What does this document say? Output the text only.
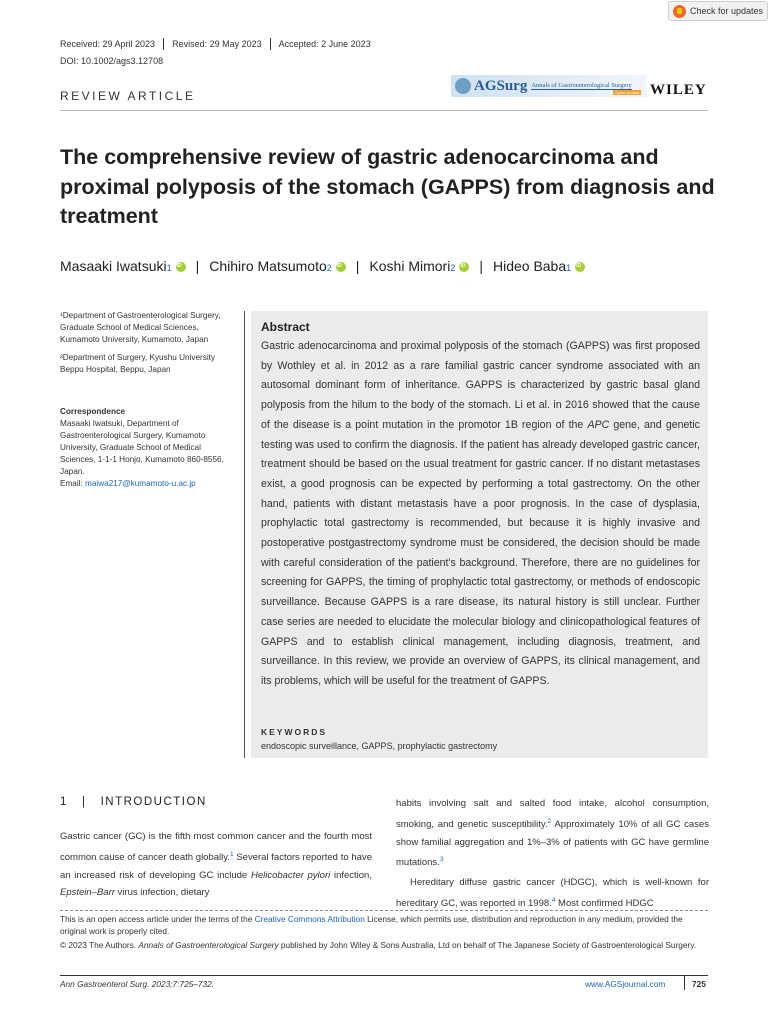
Check for updates
Received: 29 April 2023	Revised: 29 May 2023	Accepted: 2 June 2023
DOI: 10.1002/ags3.12708
REVIEW ARTICLE
AGSurg Annals of Gastroenterological Surgery
Open Access WILEY
The comprehensive review of gastric adenocarcinoma and proximal polyposis of the stomach (GAPPS) from diagnosis and treatment
Masaaki Iwatsuki 1 iD | Chihiro Matsumoto 2 iD | Koshi Mimori 2 iD | Hideo Baba 1
iD

¹Department of Gastroenterological Surgery, Graduate School of Medical Sciences, Kumamoto University, Kumamoto, Japan

²Department of Surgery, Kyushu University Beppu Hospital, Beppu, Japan

Correspondence
Masaaki Iwatsuki, Department of Gastroenterological Surgery, Kumamoto University, Graduate School of Medical Sciences, 1-1-1 Honjo, Kumamoto 860-8556, Japan.
Email: maiwa217@kumamoto-u.ac.jp
Abstract

Gastric adenocarcinoma and proximal polyposis of the stomach (GAPPS) was first proposed by Wothley et al. in 2012 as a rare familial gastric cancer syndrome associated with an autosomal dominant form of inheritance. GAPPS is characterized by gastric basal gland polyposis from the hilum to the body of the stomach. Li et al. in 2016 showed that the cause of the disease is a point mutation in the promotor 1B region of the APC gene, and genetic testing was used to confirm the diagnosis. If the patient has already developed gastric cancer, treatment should be based on the usual treatment for gastric cancer. If no distant metastases exist, a good prognosis can be expected by performing a total gastrectomy. On the other hand, patients with distant metastasis have a poor prognosis. In the case of dysplasia, prophylactic total gastrectomy is recommended, but because it is highly invasive and postoperative postgastrectomy syndrome must be considered, the decision should be made with careful consideration of the patient's background. Therefore, there are no guidelines for screening for GAPPS, the timing of prophylactic total gastrectomy, or methods of endoscopic surveillance. Because GAPPS is a rare disease, its natural history is still unclear. Further case series are needed to elucidate the molecular biology and clinicopathological features of GAPPS and to establish clinical management, including diagnosis, treatment, and surveillance. In this review, we provide an overview of GAPPS, its clinical management, and its problems, which will be useful for the treatment of GAPPS.

KEYWORDS
endoscopic surveillance, GAPPS, prophylactic gastrectomy
1 | INTRODUCTION

Gastric cancer (GC) is the fifth most common cancer and the fourth most common cause of cancer death globally.$^1$ Several factors reported to have an increased risk of developing GC include Helicobacter pylori infection, Epstein–Barr virus infection, dietary

habits involving salt and salted food intake, alcohol consumption, smoking, and genetic susceptibility.$^2$ Approximately 10% of all GC cases show familial aggregation and 1%–3% of patients with GC have germline mutations.$^3$

Hereditary diffuse gastric cancer (HDGC), which is well-known for hereditary GC, was reported in 1998.$^4$ Most confirmed HDGC

This is an open access article under the terms of the Creative Commons Attribution License, which permits use, distribution and reproduction in any medium, provided the original work is properly cited.

© 2023 The Authors. Annals of Gastroenterological Surgery published by John Wiley & Sons Australia, Ltd on behalf of The Japanese Society of Gastroenterological Surgery.

Ann Gastroenterol Surg. 2023;7:725–732.	www.AGSjournal.com	725
